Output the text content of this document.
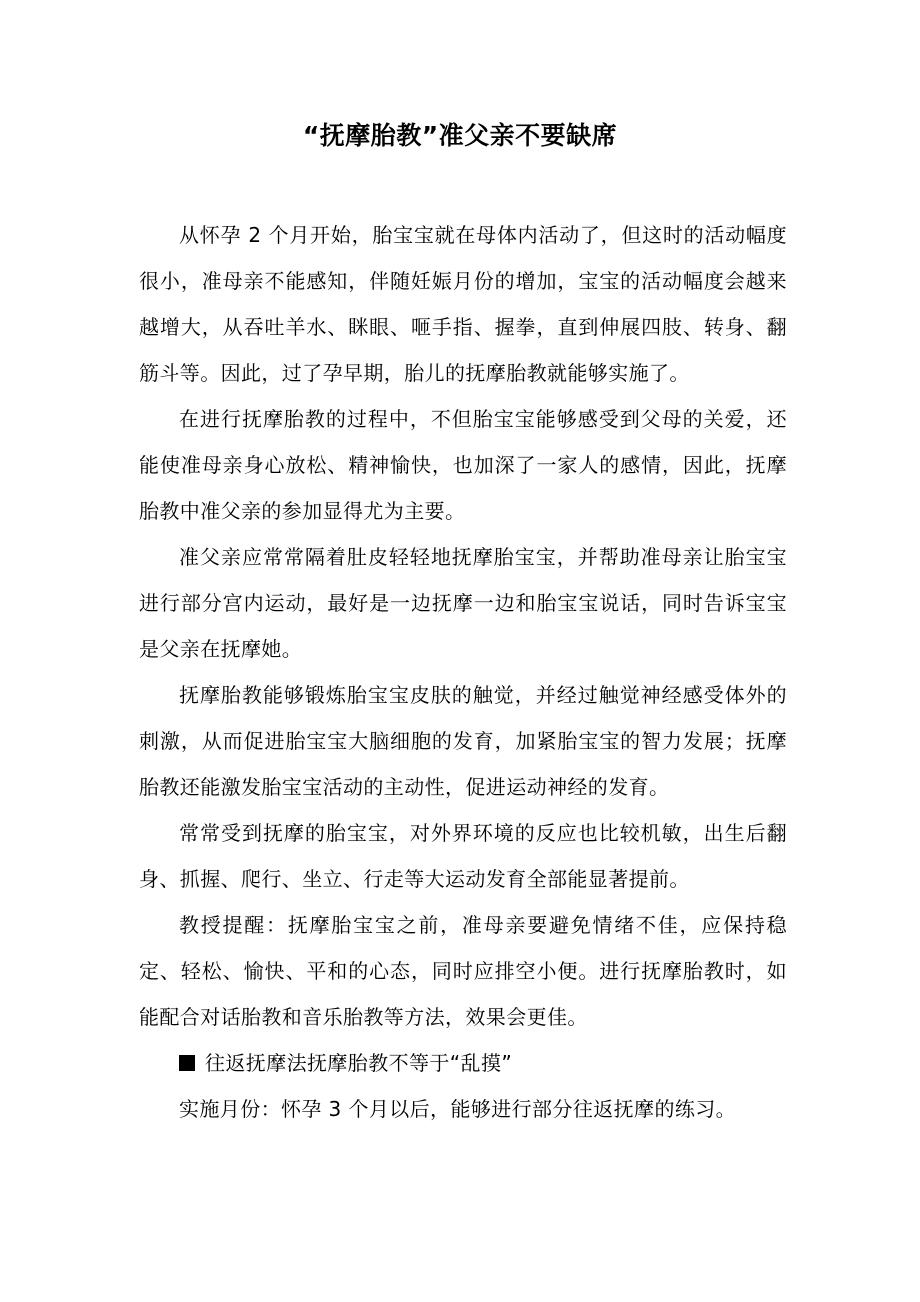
“抚摩胎教”准父亲不要缺席

从怀孕 2 个月开始，胎宝宝就在母体内活动了，但这时的活动幅度很小，准母亲不能感知，伴随妊娠月份的增加，宝宝的活动幅度会越来越增大，从吞吐羊水、眯眼、咂手指、握拳，直到伸展四肢、转身、翻筋斗等。因此，过了孕早期，胎儿的抚摩胎教就能够实施了。

在进行抚摩胎教的过程中，不但胎宝宝能够感受到父母的关爱，还能使准母亲身心放松、精神愉快，也加深了一家人的感情，因此，抚摩胎教中准父亲的参加显得尤为主要。

准父亲应常常隔着肚皮轻轻地抚摩胎宝宝，并帮助准母亲让胎宝宝进行部分宫内运动，最好是一边抚摩一边和胎宝宝说话，同时告诉宝宝是父亲在抚摩她。

抚摩胎教能够锻炼胎宝宝皮肤的触觉，并经过触觉神经感受体外的刺激，从而促进胎宝宝大脑细胞的发育，加紧胎宝宝的智力发展；抚摩胎教还能激发胎宝宝活动的主动性，促进运动神经的发育。

常常受到抚摩的胎宝宝，对外界环境的反应也比较机敏，出生后翻身、抓握、爬行、坐立、行走等大运动发育全部能显著提前。

教授提醒：抚摩胎宝宝之前，准母亲要避免情绪不佳，应保持稳定、轻松、愉快、平和的心态，同时应排空小便。进行抚摩胎教时，如能配合对话胎教和音乐胎教等方法，效果会更佳。

往返抚摩法抚摩胎教不等于“乱摸”

实施月份：怀孕 3 个月以后，能够进行部分往返抚摩的练习。
